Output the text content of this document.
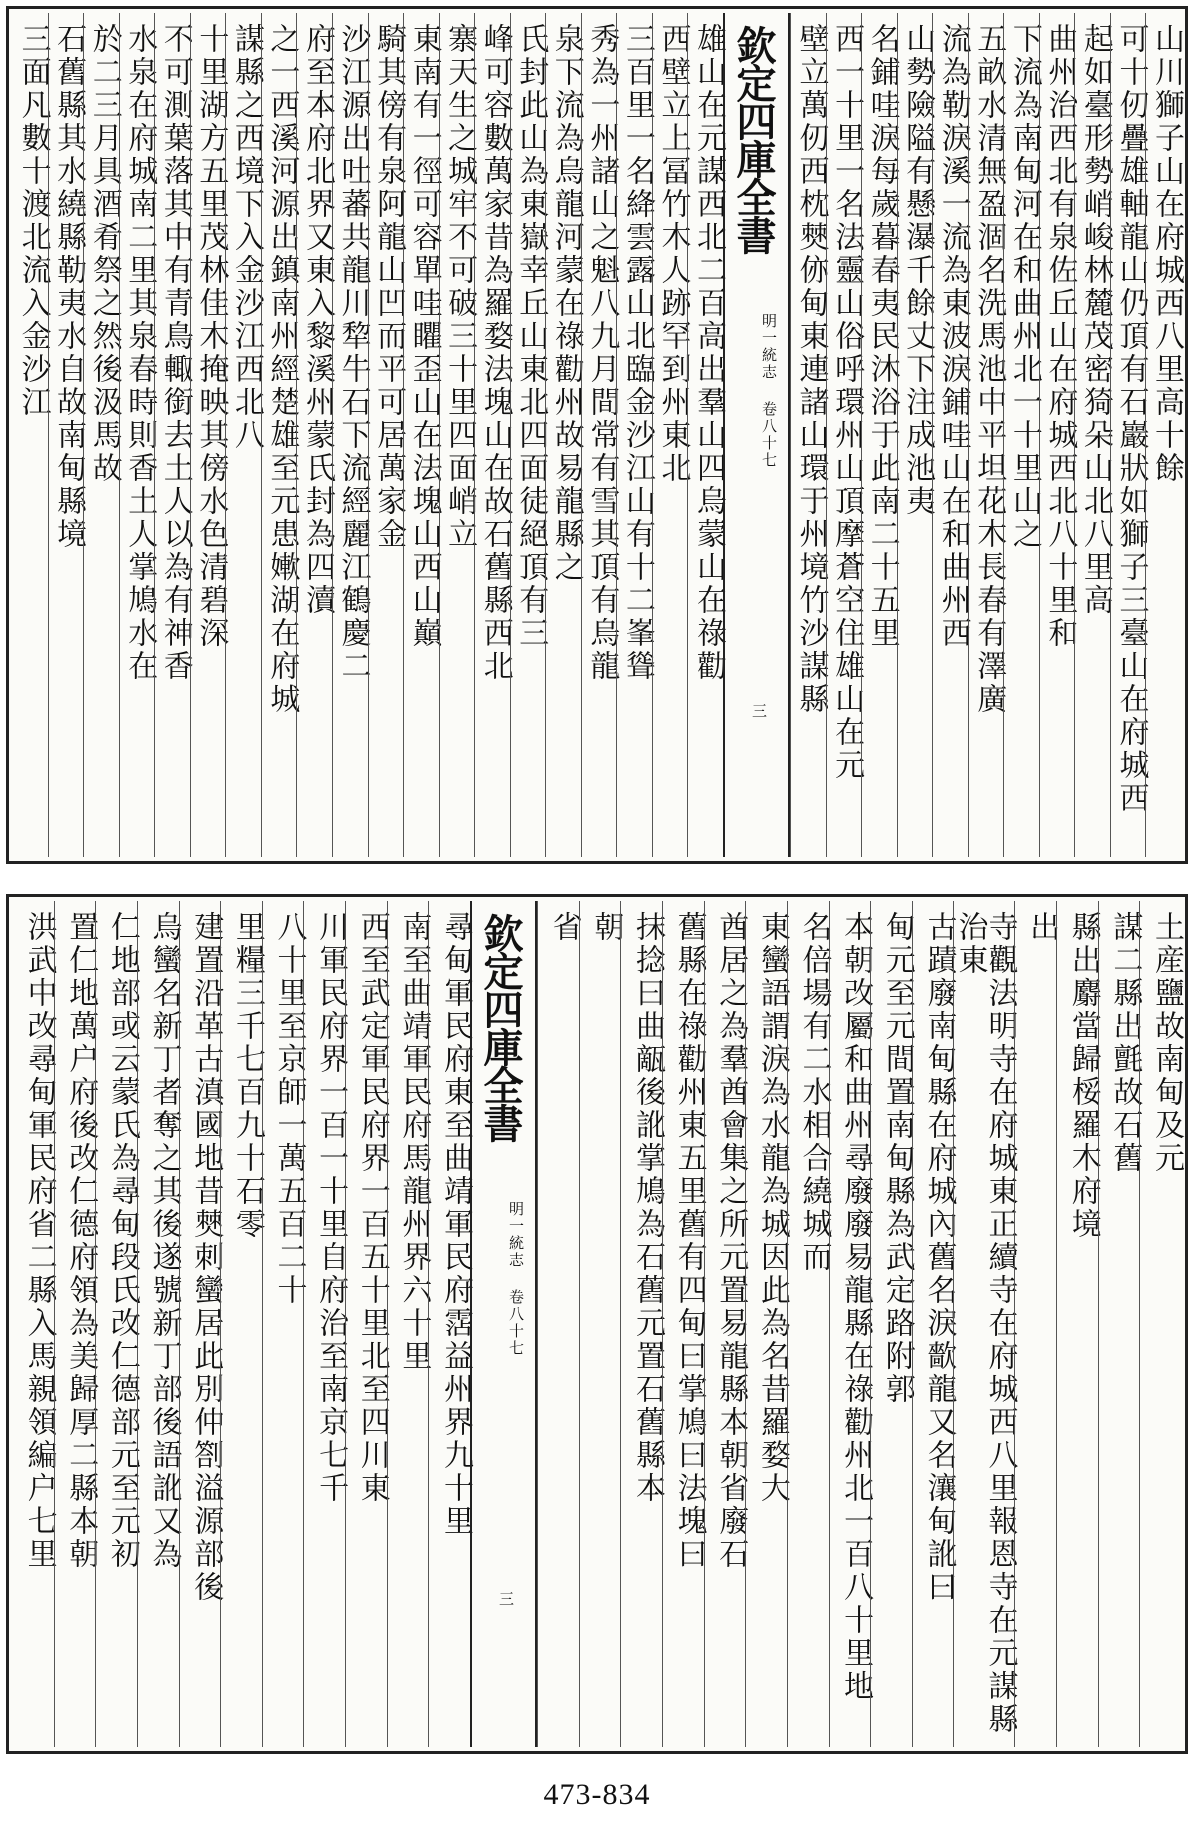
山川獅子山在府城西八里高十餘
可十仞疊雄軸龍山仍頂有石巖狀如獅子三臺山在府城西
起如臺形勢峭峻林麓茂密猗朵山北八里高
曲州治西北有泉佐丘山在府城西北八十里和
下流為南甸河在和曲州北一十里山之
五畝水清無盈涸名洗馬池中平坦花木長春有澤廣
流為勒淚溪一流為東波淚鋪哇山在和曲州西
山勢險隘有懸瀑千餘丈下注成池夷
名鋪哇淚每歲暮春夷民沐浴于此南二十五里
西一十里一名法靈山俗呼環州山頂摩蒼空住雄山在元
壁立萬仞西枕僰㑊甸東連諸山環于州境竹沙謀縣
欽定四庫全書
明一統志 卷八十七
三
雄山在元謀西北二百高出羣山四烏蒙山在祿勸
西壁立上冨竹木人跡罕到州東北
三百里一名絳雲露山北臨金沙江山有十二峯聳
秀為一州諸山之魁八九月間常有雪其頂有烏龍
泉下流為烏龍河蒙在祿勸州故易龍縣之
氏封此山為東嶽幸丘山東北四面徒絕頂有三
峰可容數萬家昔為羅婺法塊山在故石舊縣西北
寨天生之城牢不可破三十里四面峭立
東南有一徑可容單哇䂂歪山在法塊山西山巔
騎其傍有泉阿龍山凹而平可居萬家金
沙江源出吐蕃共龍川犂牛石下流經麗江鶴慶二
府至本府北界又東入黎溪州蒙氏封為四瀆
之一西溪河源出鎮南州經楚雄至元患㜛湖在府城
謀縣之西境下入金沙江西北八
十里湖方五里茂林佳木掩映其傍水色清碧深
不可測葉落其中有青鳥輙銜去土人以為有神香
水泉在府城南二里其泉春時則香土人掌鳩水在
於二三月具酒肴祭之然後汲馬故
石舊縣其水繞縣勒夷水自故南甸縣境
三面凡數十渡北流入金沙江
土産鹽故南甸及元
謀二縣出氈故石舊
縣出麝當歸桵羅木府境
出
寺觀法明寺在府城東正續寺在府城西八里報恩寺在元謀縣治東
古蹟廢南甸縣在府城內舊名淚㱇龍又名瀼甸訛曰
甸元至元間置南甸縣為武定路附郭
本朝改屬和曲州尋廢廢易龍縣在祿勸州北一百八十里地
名倍場有二水相合繞城而
東蠻語謂淚為水龍為城因此為名昔羅婺大
酋居之為羣酋會集之所元置易龍縣本朝省廢石
舊縣在祿勸州東五里舊有四甸曰掌鳩曰法塊曰
抹捻曰曲甋後訛掌鳩為石舊元置石舊縣本
朝
省
欽定四庫全書
明一統志 卷八十七
三
尋甸軍民府東至曲靖軍民府霑益州界九十里
南至曲靖軍民府馬龍州界六十里
西至武定軍民府界一百五十里北至四川東
川軍民府界一百一十里自府治至南京七千
八十里至京師一萬五百二十
里糧三千七百九十石零
建置沿革古滇國地昔僰刺蠻居此別仲劄溢源部後
烏蠻名新丁者奪之其後遂號新丁部後語訛又為
仁地部或云蒙氏為尋甸段氏改仁德部元至元初
置仁地萬户府後改仁德府領為美歸厚二縣本朝
洪武中改尋甸軍民府省二縣入馬親領編户七里
473-834
